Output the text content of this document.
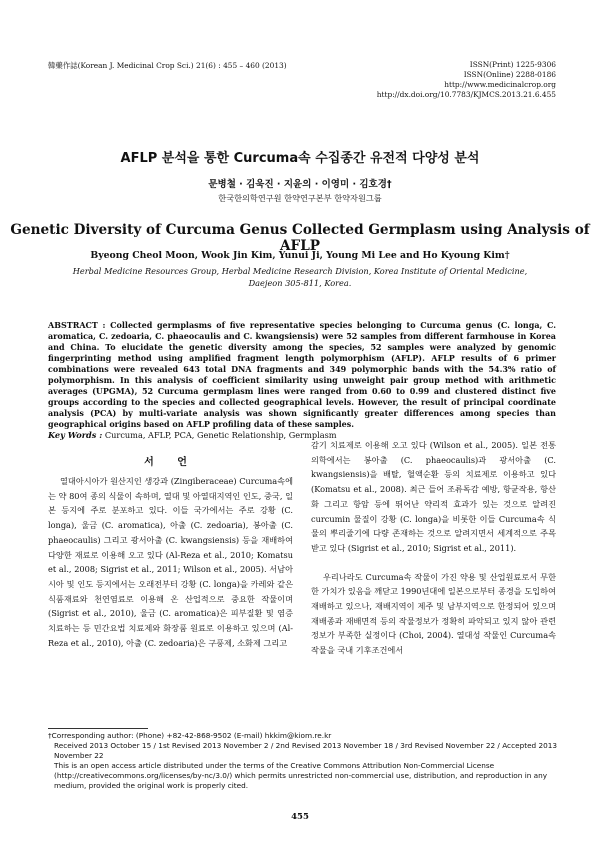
韓藥作誌(Korean J. Medicinal Crop Sci.) 21(6) : 455 – 460 (2013)	ISSN(Print) 1225-9306
ISSN(Online) 2288-0186
http://www.medicinalcrop.org
http://dx.doi.org/10.7783/KJMCS.2013.21.6.455
AFLP 분석을 통한 Curcuma속 수집종간 유전적 다양성 분석
문병철 · 김욱진 · 지윤의 · 이영미 · 김호경†
한국한의학연구원 한약연구본부 한약자원그룹
Genetic Diversity of Curcuma Genus Collected Germplasm using Analysis of AFLP
Byeong Cheol Moon, Wook Jin Kim, Yunui Ji, Young Mi Lee and Ho Kyoung Kim†
Herbal Medicine Resources Group, Herbal Medicine Research Division, Korea Institute of Oriental Medicine, Daejeon 305-811, Korea.
ABSTRACT : Collected germplasms of five representative species belonging to Curcuma genus (C. longa, C. aromatica, C. zedoaria, C. phaeocaulis and C. kwangsiensis) were 52 samples from different farmhouse in Korea and China. To elucidate the genetic diversity among the species, 52 samples were analyzed by genomic fingerprinting method using amplified fragment length polymorphism (AFLP). AFLP results of 6 primer combinations were revealed 643 total DNA fragments and 349 polymorphic bands with the 54.3% ratio of polymorphism. In this analysis of coefficient similarity using unweight pair group method with arithmetic averages (UPGMA), 52 Curcuma germplasm lines were ranged from 0.60 to 0.99 and clustered distinct five groups according to the species and collected geographical levels. However, the result of principal coordinate analysis (PCA) by multi-variate analysis was shown significantly greater differences among species than geographical origins based on AFLP profiling data of these samples.
Key Words : Curcuma, AFLP, PCA, Genetic Relationship, Germplasm
서 언

열대아시아가 원산지인 생강과 (Zingiberaceae) Curcuma속에는 약 80여 종의 식물이 속하며, 열대 및 아열대지역인 인도, 중국, 일본 등지에 주로 분포하고 있다. 이들 국가에서는 주로 강황 (C. longa), 울금 (C. aromatica), 아출 (C. zedoaria), 봉아출 (C. phaeocaulis) 그리고 광서아출 (C. kwangsiensis) 등을 재배하여 다양한 재료로 이용해 오고 있다 (Al-Reza et al., 2010; Komatsu et al., 2008; Sigrist et al., 2011; Wilson et al., 2005). 서남아시아 및 인도 등지에서는 오래전부터 강황 (C. longa)을 카레와 같은 식품재료와 천연염료로 이용해 온 산업적으로 중요한 작물이며 (Sigrist et al., 2010), 울금 (C. aromatica)은 피부질환 및 염증 치료하는 등 민간요법 치료제와 화장품 원료로 이용하고 있으며 (Al-Reza et al., 2010), 아출 (C. zedoaria)은 구풍제, 소화제 그리고

감기 치료제로 이용해 오고 있다 (Wilson et al., 2005). 일본 전통의학에서는 봉아출 (C. phaeocaulis)과 광서아출 (C. kwangsiensis)을 배탈, 혈액순환 등의 치료제로 이용하고 있다 (Komatsu et al., 2008). 최근 들어 조류독감 예방, 항균작용, 항산화 그리고 항암 등에 뛰어난 약리적 효과가 있는 것으로 알려진 curcumin 물질이 강황 (C. longa)을 비롯한 이들 Curcuma속 식물의 뿌리줄기에 다량 존재하는 것으로 알려지면서 세계적으로 주목받고 있다 (Sigrist et al., 2010; Sigrist et al., 2011).

우리나라도 Curcuma속 작물이 가진 약용 및 산업원료로서 무한한 가치가 있음을 깨닫고 1990년대에 일본으로부터 종경을 도입하여 재배하고 있으나, 재배지역이 제주 및 남부지역으로 한정되어 있으며 재배종과 재배면적 등의 작물정보가 정확히 파악되고 있지 않아 관련 정보가 부족한 실정이다 (Choi, 2004). 열대성 작물인 Curcuma속 작물을 국내 기후조건에서

†Corresponding author: (Phone) +82-42-868-9502 (E-mail) hkkim@kiom.re.kr
Received 2013 October 15 / 1st Revised 2013 November 2 / 2nd Revised 2013 November 18 / 3rd Revised November 22 / Accepted 2013 November 22
This is an open access article distributed under the terms of the Creative Commons Attribution Non-Commercial License (http://creativecommons.org/licenses/by-nc/3.0/) which permits unrestricted non-commercial use, distribution, and reproduction in any medium, provided the original work is properly cited.
455
